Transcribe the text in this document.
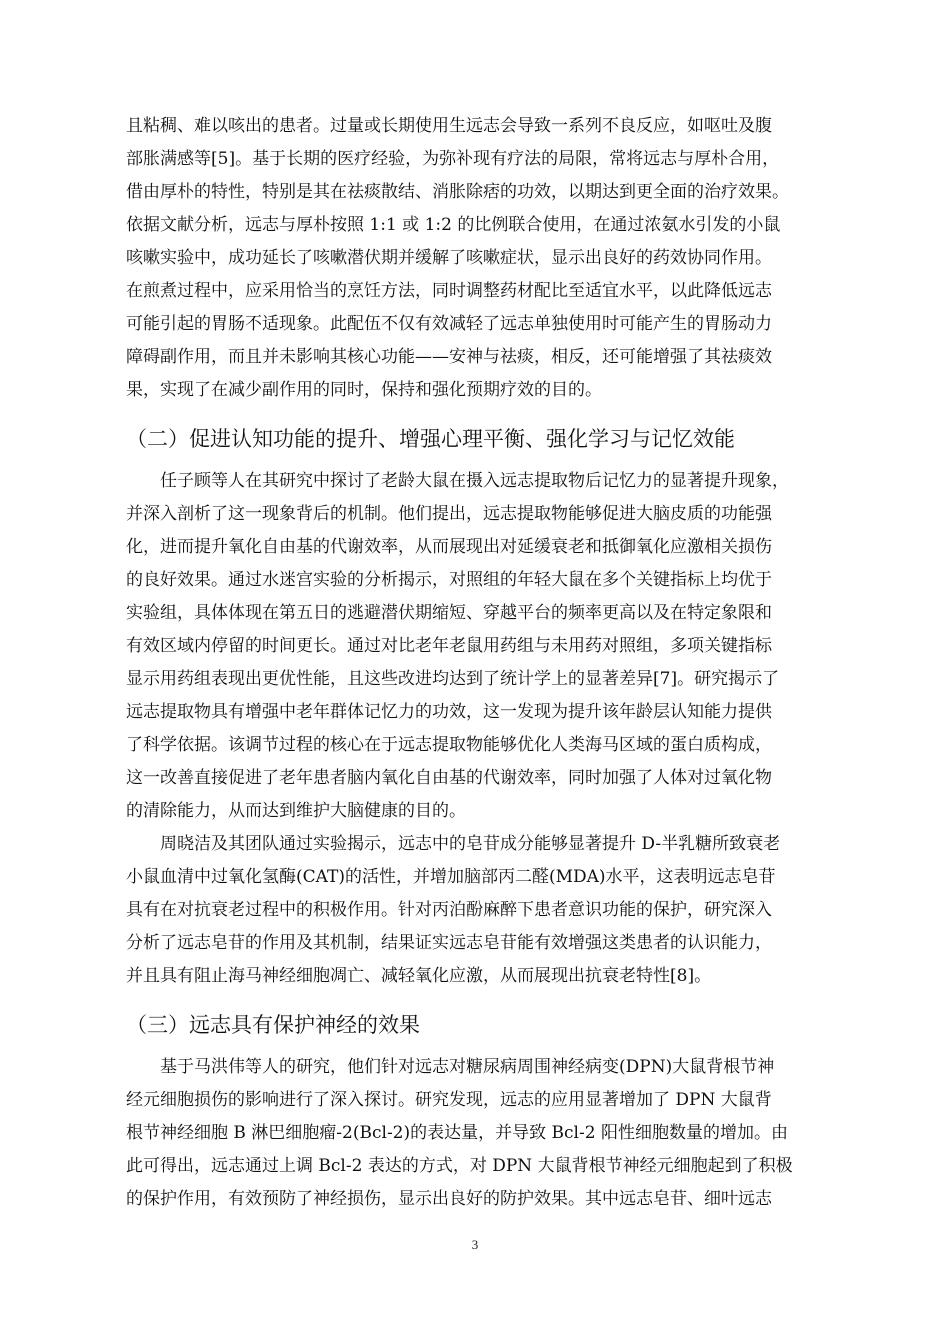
且粘稠、难以咳出的患者。过量或长期使用生远志会导致一系列不良反应，如呕吐及腹
部胀满感等[5]。基于长期的医疗经验，为弥补现有疗法的局限，常将远志与厚朴合用，
借由厚朴的特性，特别是其在祛痰散结、消胀除痞的功效，以期达到更全面的治疗效果。
依据文献分析，远志与厚朴按照 1:1 或 1:2 的比例联合使用，在通过浓氨水引发的小鼠
咳嗽实验中，成功延长了咳嗽潜伏期并缓解了咳嗽症状，显示出良好的药效协同作用。
在煎煮过程中，应采用恰当的烹饪方法，同时调整药材配比至适宜水平，以此降低远志
可能引起的胃肠不适现象。此配伍不仅有效减轻了远志单独使用时可能产生的胃肠动力
障碍副作用，而且并未影响其核心功能——安神与祛痰，相反，还可能增强了其祛痰效
果，实现了在减少副作用的同时，保持和强化预期疗效的目的。
（二）促进认知功能的提升、增强心理平衡、强化学习与记忆效能
任子顾等人在其研究中探讨了老龄大鼠在摄入远志提取物后记忆力的显著提升现象，
并深入剖析了这一现象背后的机制。他们提出，远志提取物能够促进大脑皮质的功能强
化，进而提升氧化自由基的代谢效率，从而展现出对延缓衰老和抵御氧化应激相关损伤
的良好效果。通过水迷宫实验的分析揭示，对照组的年轻大鼠在多个关键指标上均优于
实验组，具体体现在第五日的逃避潜伏期缩短、穿越平台的频率更高以及在特定象限和
有效区域内停留的时间更长。通过对比老年老鼠用药组与未用药对照组，多项关键指标
显示用药组表现出更优性能，且这些改进均达到了统计学上的显著差异[7]。研究揭示了
远志提取物具有增强中老年群体记忆力的功效，这一发现为提升该年龄层认知能力提供
了科学依据。该调节过程的核心在于远志提取物能够优化人类海马区域的蛋白质构成，
这一改善直接促进了老年患者脑内氧化自由基的代谢效率，同时加强了人体对过氧化物
的清除能力，从而达到维护大脑健康的目的。
周晓洁及其团队通过实验揭示，远志中的皂苷成分能够显著提升 D-半乳糖所致衰老
小鼠血清中过氧化氢酶(CAT)的活性，并增加脑部丙二醛(MDA)水平，这表明远志皂苷
具有在对抗衰老过程中的积极作用。针对丙泊酚麻醉下患者意识功能的保护，研究深入
分析了远志皂苷的作用及其机制，结果证实远志皂苷能有效增强这类患者的认识能力，
并且具有阻止海马神经细胞凋亡、减轻氧化应激，从而展现出抗衰老特性[8]。
（三）远志具有保护神经的效果
基于马洪伟等人的研究，他们针对远志对糖尿病周围神经病变(DPN)大鼠背根节神
经元细胞损伤的影响进行了深入探讨。研究发现，远志的应用显著增加了 DPN 大鼠背
根节神经细胞 B 淋巴细胞瘤-2(Bcl-2)的表达量，并导致 Bcl-2 阳性细胞数量的增加。由
此可得出，远志通过上调 Bcl-2 表达的方式，对 DPN 大鼠背根节神经元细胞起到了积极
的保护作用，有效预防了神经损伤，显示出良好的防护效果。其中远志皂苷、细叶远志
3
